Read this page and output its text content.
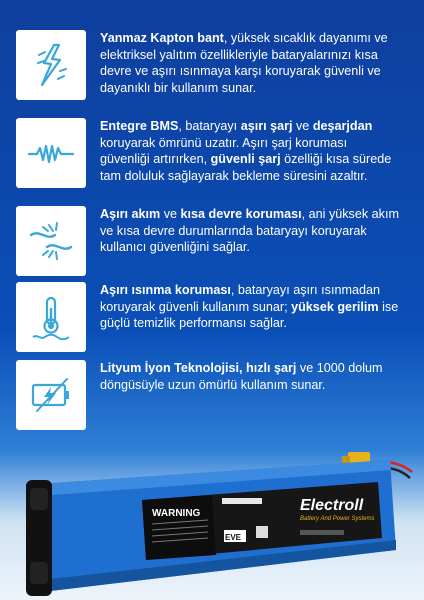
Yanmaz Kapton bant, yüksek sıcaklık dayanımı ve elektriksel yalıtım özellikleriyle bataryalarınızı kısa devre ve aşırı ısınmaya karşı koruyarak güvenli ve dayanıklı bir kullanım sunar.
Entegre BMS, bataryayı aşırı şarj ve deşarjdan koruyarak ömrünü uzatır. Aşırı şarj koruması güvenliği artırırken, güvenli şarj özelliği kısa sürede tam doluluk sağlayarak bekleme süresini azaltır.
Aşırı akım ve kısa devre koruması, ani yüksek akım ve kısa devre durumlarında bataryayı koruyarak kullanıcı güvenliğini sağlar.
Aşırı ısınma koruması, bataryayı aşırı ısınmadan koruyarak güvenli kullanım sunar; yüksek gerilim ise güçlü temizlik performansı sağlar.
Lityum İyon Teknolojisi, hızlı şarj ve 1000 dolum döngüsüyle uzun ömürlü kullanım sunar.
WARNING
EVE
Electroll
Battery And Power Systems
